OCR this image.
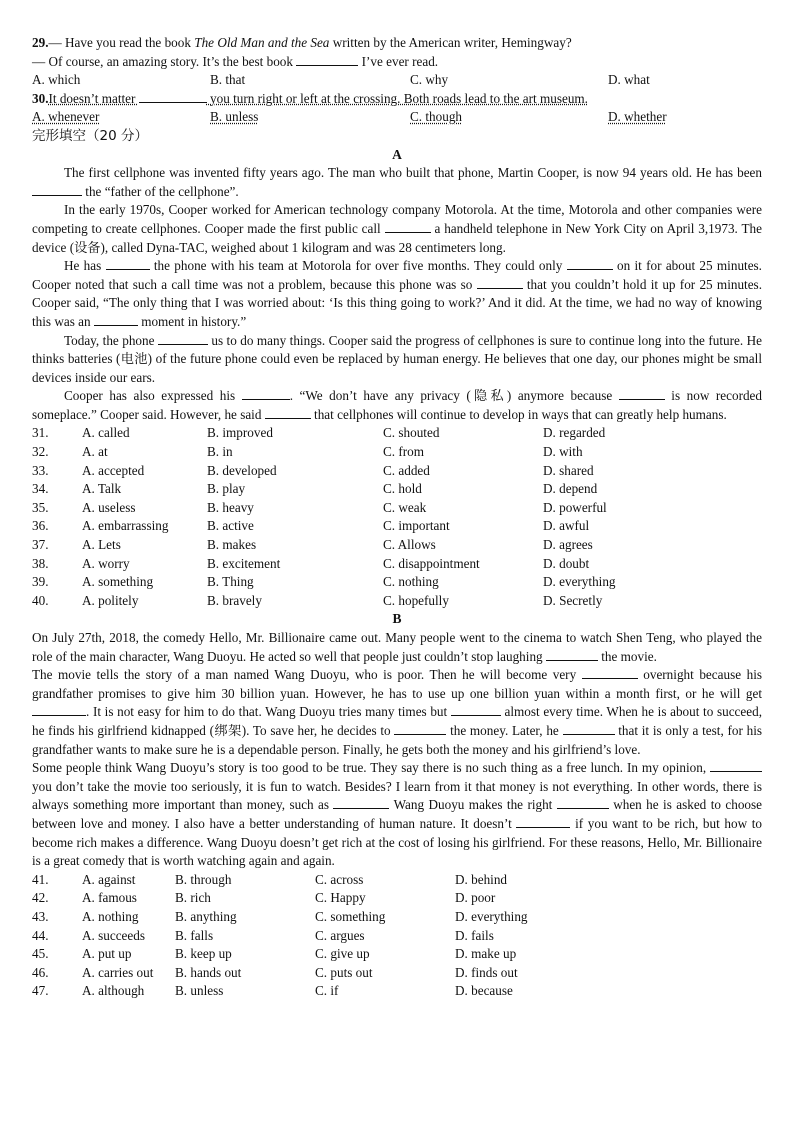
29.— Have you read the book The Old Man and the Sea written by the American writer, Hemingway?
— Of course, an amazing story. It’s the best book	I’ve ever read.
A. which	B. that	C. why	D. what
30.It doesn’t matter	you turn right or left at the crossing. Both roads lead to the art museum.
A. whenever	B. unless	C. though	D. whether
完形填空（20 分）
A

The first cellphone was invented fifty years ago. The man who built that phone, Martin Cooper, is now 94 years old. He has been  the “father of the cellphone”.

In the early 1970s, Cooper worked for American technology company Motorola. At the time, Motorola and other companies were competing to create cellphones. Cooper made the first public call	a handheld telephone in New York City on April 3,1973. The device (设备), called Dyna-TAC, weighed about 1 kilogram and was 28 centimeters long.

He has	the phone with his team at Motorola for over five months. They could only	on it for about 25 minutes. Cooper noted that such a call time was not a problem, because this phone was so	that you couldn’t hold it up for 25 minutes. Cooper said, “The only thing that I was worried about: ‘Is this thing going to work?’ And it did. At the time, we had no way of knowing this was an	moment in history.”

Today, the phone	us to do many things. Cooper said the progress of cellphones is sure to continue long into the future. He thinks batteries (电池) of the future phone could even be replaced by human energy. He believes that one day, our phones might be small devices inside our ears.

Cooper has also expressed his	. “We don’t have any privacy (隐私) anymore because	is now recorded someplace.” Cooper said. However, he said	that cellphones will continue to develop in ways that can greatly help humans.

31.	A. called	B. improved	C. shouted	D. regarded
32.	A. at	B. in	C. from	D. with
33.	A. accepted	B. developed	C. added	D. shared
34.	A. Talk	B. play	C. hold	D. depend
35.	A. useless	B. heavy	C. weak	D. powerful
36.	A. embarrassing	B. active	C. important	D. awful
37.	A. Lets	B. makes	C. Allows	D. agrees
38.	A. worry	B. excitement	C. disappointment	D. doubt
39.	A. something	B. Thing	C. nothing	D. everything
40.	A. politely	B. bravely	C. hopefully	D. Secretly
B

On July 27th, 2018, the comedy Hello, Mr. Billionaire came out. Many people went to the cinema to watch Shen Teng, who played the role of the main character, Wang Duoyu. He acted so well that people just couldn’t stop laughing	the movie.

The movie tells the story of a man named Wang Duoyu, who is poor. Then he will become very	overnight because his grandfather promises to give him 30 billion yuan. However, he has to use up one billion yuan within a month first, or he will get . It is not easy for him to do that. Wang Duoyu tries many times but	almost every time. When he is about to succeed, he finds his girlfriend kidnapped (绑架). To save her, he decides to	the money. Later, he	that it is only a test, for his grandfather wants to make sure he is a dependable person. Finally, he gets both the money and his girlfriend’s love.

Some people think Wang Duoyu’s story is too good to be true. They say there is no such thing as a free lunch. In my opinion,  you don’t take the movie too seriously, it is fun to watch. Besides? I learn from it that money is not everything. In other words, there is always something more important than money, such as	Wang Duoyu makes the right	when he is asked to choose between love and money. I also have a better understanding of human nature. It doesn’t	if you want to be rich, but how to become rich makes a difference. Wang Duoyu doesn’t get rich at the cost of losing his girlfriend. For these reasons, Hello, Mr. Billionaire is a great comedy that is worth watching again and again.

41.	A. against	B. through	C. across	D. behind
42.	A. famous	B. rich	C. Happy	D. poor
43.	A. nothing	B. anything	C. something	D. everything
44.	A. succeeds	B. falls	C. argues	D. fails
45.	A. put up	B. keep up	C. give up	D. make up
46.	A. carries out	B. hands out	C. puts out	D. finds out
47.	A. although	B. unless	C. if	D. because
